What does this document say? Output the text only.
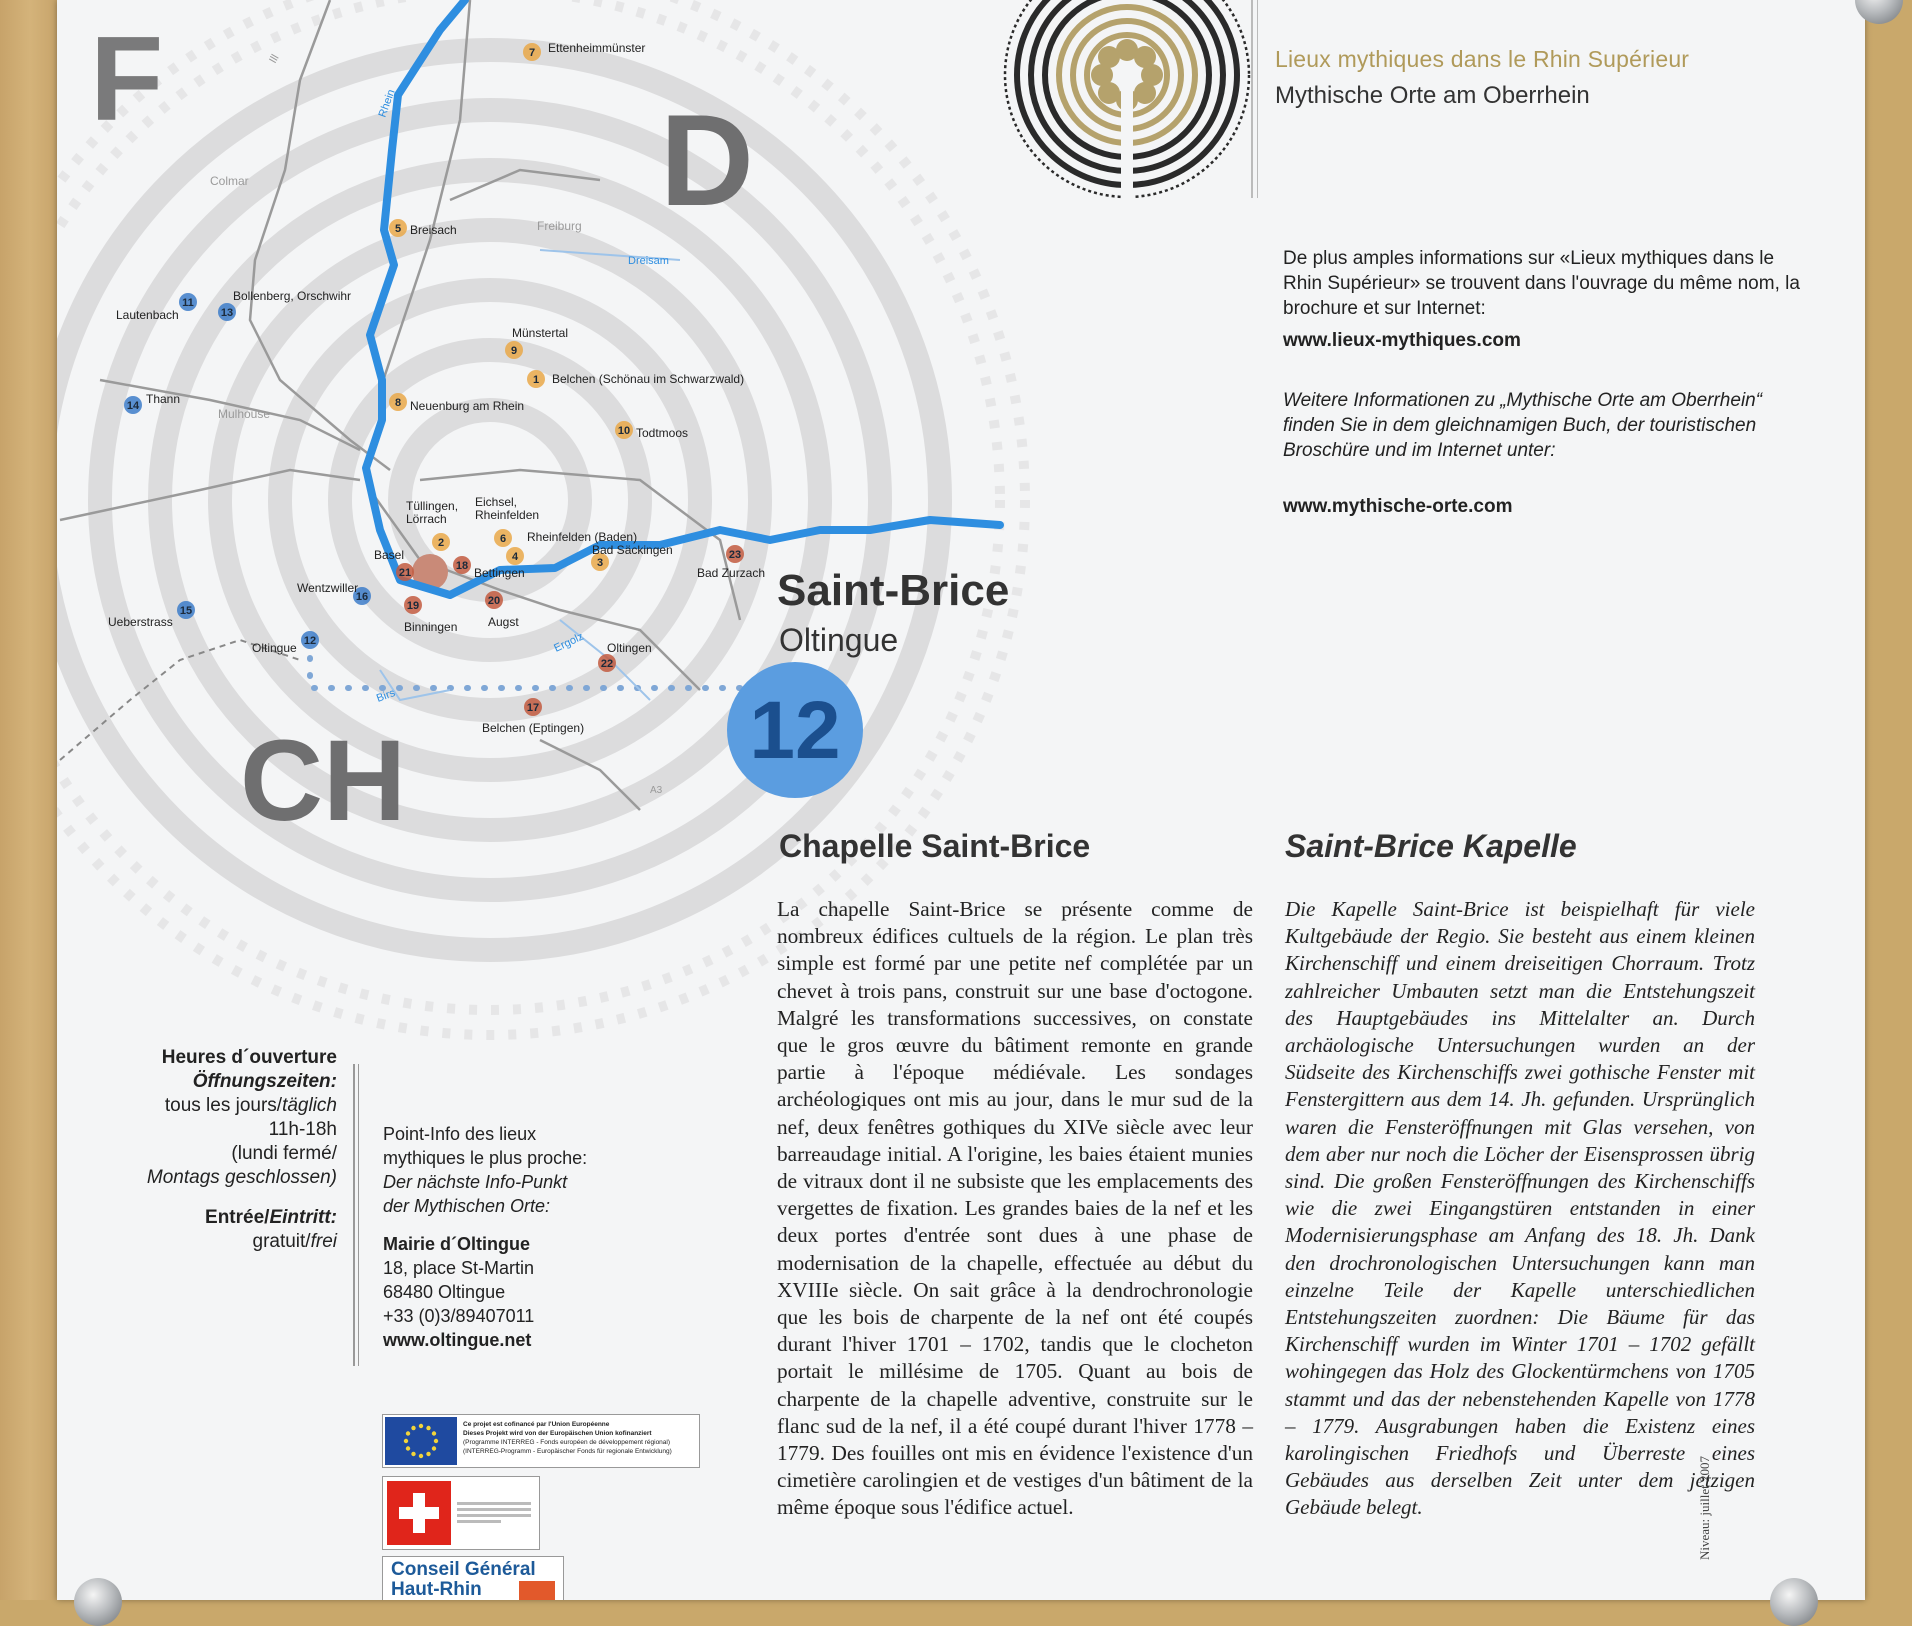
F
D
CH
Colmar
Freiburg
Mulhouse
Rhein
Dreisam
Ergolz
Birs
Ill
A3
7 Ettenheimmünster
5 Breisach
11
Lautenbach	13
Bollenberg, Orschwihr
9
Münstertal
1 Belchen (Schönau im Schwarzwald)
14 Thann	8 Neuenburg am Rhein
10 Todtmoos
2
Tüllingen, Lörrach
6
Eichsel, Rheinfelden
4
Rheinfelden (Baden)
3
Bad Säckingen	23
Bad Zurzach
21
Basel
18 Bettingen
16
Wentzwiller
19
Binningen
20
Augst
15
Ueberstrass
12
Oltingue
22
Oltingen
17
Belchen (Eptingen) 12
Lieux mythiques dans le Rhin Supérieur
Mythische Orte am Oberrhein
De plus amples informations sur «Lieux mythiques dans le Rhin Supérieur» se trouvent dans l'ouvrage du même nom, la brochure et sur Internet:
www.lieux-mythiques.com
Weitere Informationen zu „Mythische Orte am Oberrhein“ finden Sie in dem gleichnamigen Buch, der touristischen Broschüre und im Internet unter:
www.mythische-orte.com
Saint-Brice
Oltingue
Chapelle Saint-Brice
La chapelle Saint-Brice se présente comme de nombreux édifices cultuels de la région. Le plan très simple est formé par une petite nef complétée par un chevet à trois pans, construit sur une base d'octogone. Malgré les transformations successives, on constate que le gros œuvre du bâtiment remonte en grande partie à l'époque médiévale. Les sondages archéologiques ont mis au jour, dans le mur sud de la nef, deux fenêtres gothiques du XIVe siècle avec leur barreaudage initial. A l'origine, les baies étaient munies de vitraux dont il ne subsiste que les emplacements des vergettes de fixation. Les grandes baies de la nef et les deux portes d'entrée sont dues à une phase de modernisation de la chapelle, effectuée au début du XVIIIe siècle. On sait grâce à la dendrochronologie que les bois de charpente de la nef ont été coupés durant l'hiver 1701 – 1702, tandis que le clocheton portait le millésime de 1705. Quant au bois de charpente de la chapelle adventive, construite sur le flanc sud de la nef, il a été coupé durant l'hiver 1778 – 1779. Des fouilles ont mis en évidence l'existence d'un cimetière carolingien et de vestiges d'un bâtiment de la même époque sous l'édifice actuel.
Saint-Brice Kapelle
Die Kapelle Saint-Brice ist beispielhaft für viele Kultgebäude der Regio. Sie besteht aus einem kleinen Kirchenschiff und einem dreiseitigen Chorraum. Trotz zahlreicher Umbauten setzt man die Entstehungszeit des Hauptgebäudes ins Mittelalter an. Durch archäologische Untersuchungen wurden an der Südseite des Kirchenschiffs zwei gothische Fenster mit Fenstergittern aus dem 14. Jh. gefunden. Ursprünglich waren die Fensteröffnungen mit Glas versehen, von dem aber nur noch die Löcher der Eisensprossen übrig sind. Die großen Fensteröffnungen des Kirchenschiffs wie die zwei Eingangstüren entstanden in einer Modernisierungsphase am Anfang des 18. Jh. Dank den drochronologischen Untersuchungen kann man einzelne Teile der Kapelle unterschiedlichen Entstehungszeiten zuordnen: Die Bäume für das Kirchenschiff wurden im Winter 1701 – 1702 gefällt wohingegen das Holz des Glockentürmchens von 1705 stammt und das der nebenstehenden Kapelle von 1778 – 1779. Ausgrabungen haben die Existenz eines karolingischen Friedhofs und Überreste eines Gebäudes aus derselben Zeit unter dem jetzigen Gebäude belegt.	Niveau: juillet 2007
Heures d´ouverture
Öffnungszeiten:
tous les jours/täglich
11h-18h
(lundi fermé/
Montags geschlossen)
Entrée/Eintritt:
gratuit/frei
Point-Info des lieux
mythiques le plus proche:
Der nächste Info-Punkt
der Mythischen Orte:
Mairie d´Oltingue
18, place St-Martin
68480 Oltingue
+33 (0)3/89407011
www.oltingue.net
Ce projet est cofinancé par l'Union Européenne
Dieses Projekt wird von der Europäischen Union kofinanziert
(Programme INTERREG - Fonds européen de développement régional)
(INTERREG-Programm - Europäischer Fonds für regionale Entwicklung)
Conseil Général
Haut-Rhin
